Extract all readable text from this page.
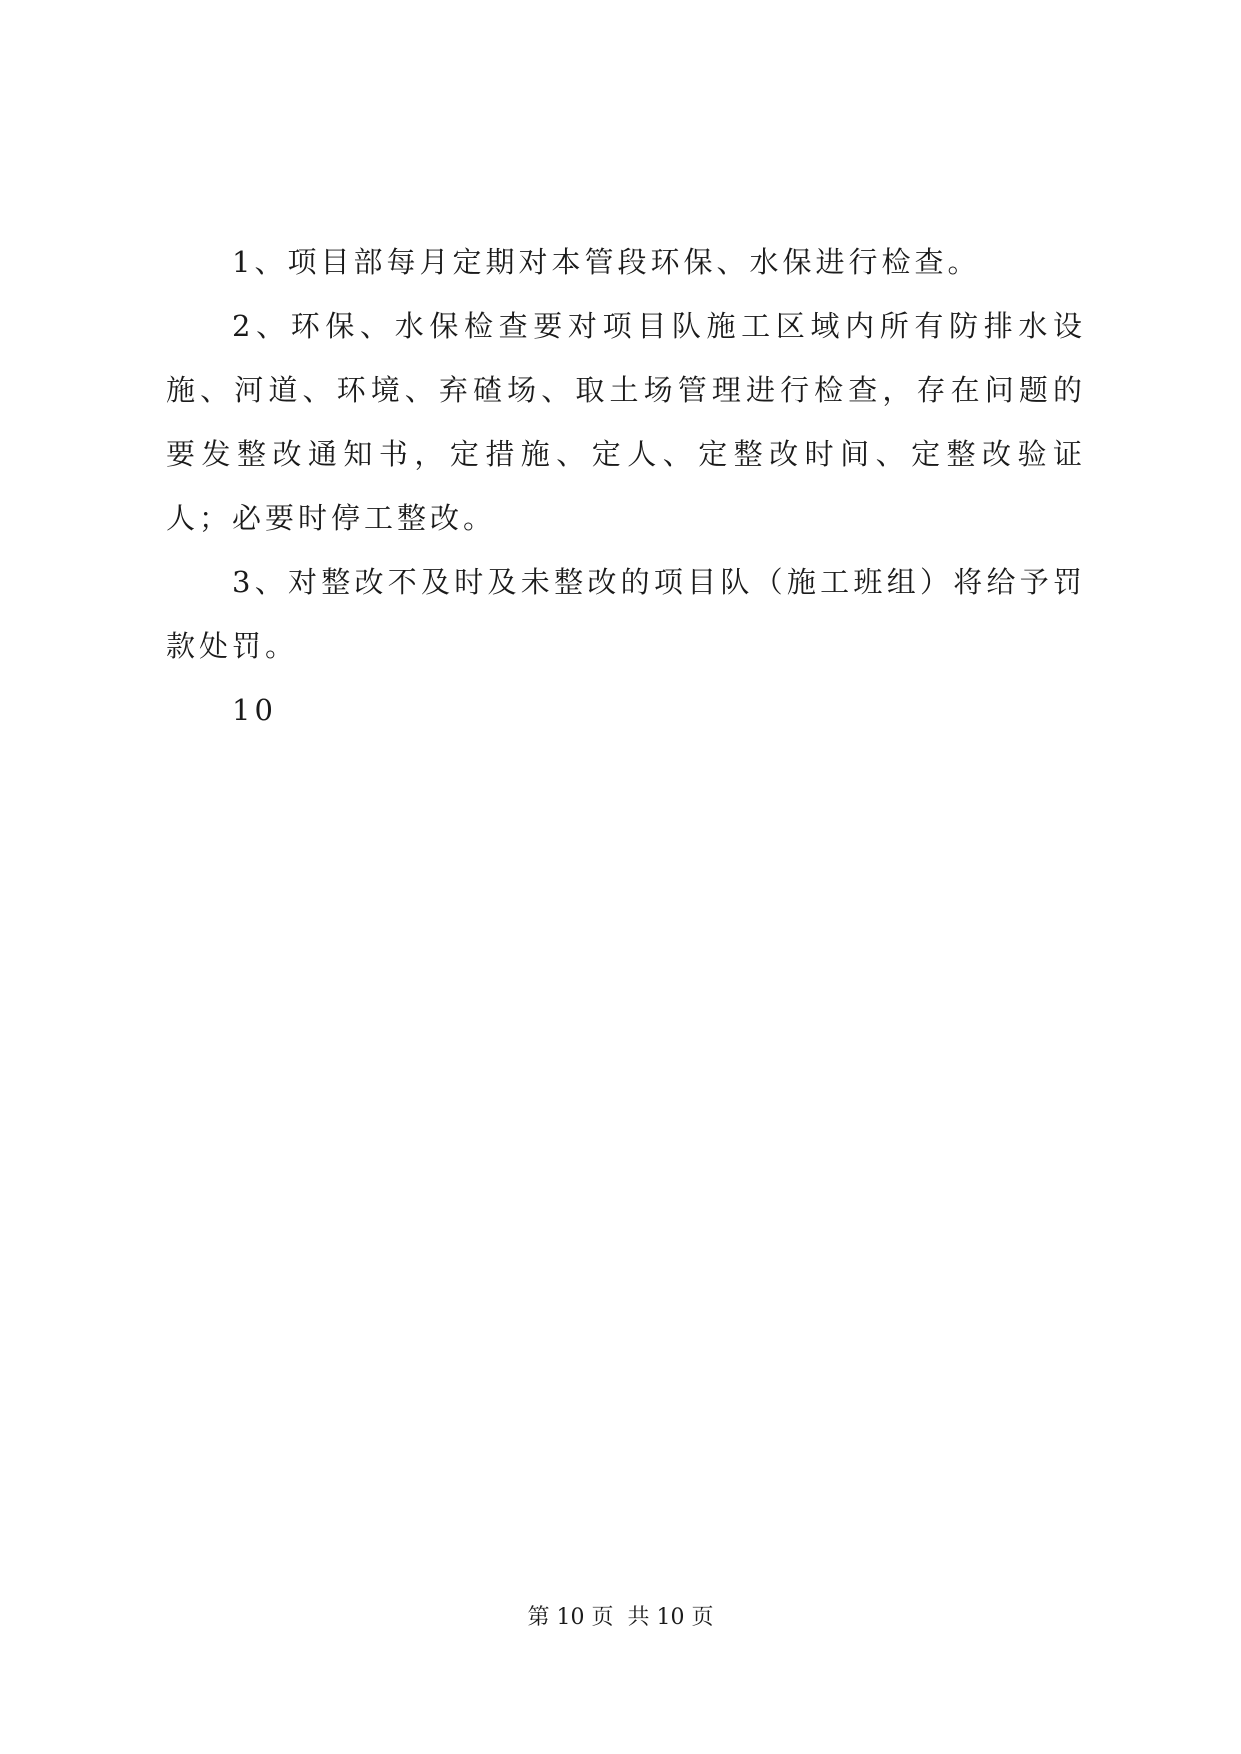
1、项目部每月定期对本管段环保、水保进行检查。

2、环保、水保检查要对项目队施工区域内所有防排水设施、河道、环境、弃碴场、取土场管理进行检查，存在问题的要发整改通知书，定措施、定人、定整改时间、定整改验证人；必要时停工整改。

3、对整改不及时及未整改的项目队（施工班组）将给予罚款处罚。

10

第 10 页  共 10 页
